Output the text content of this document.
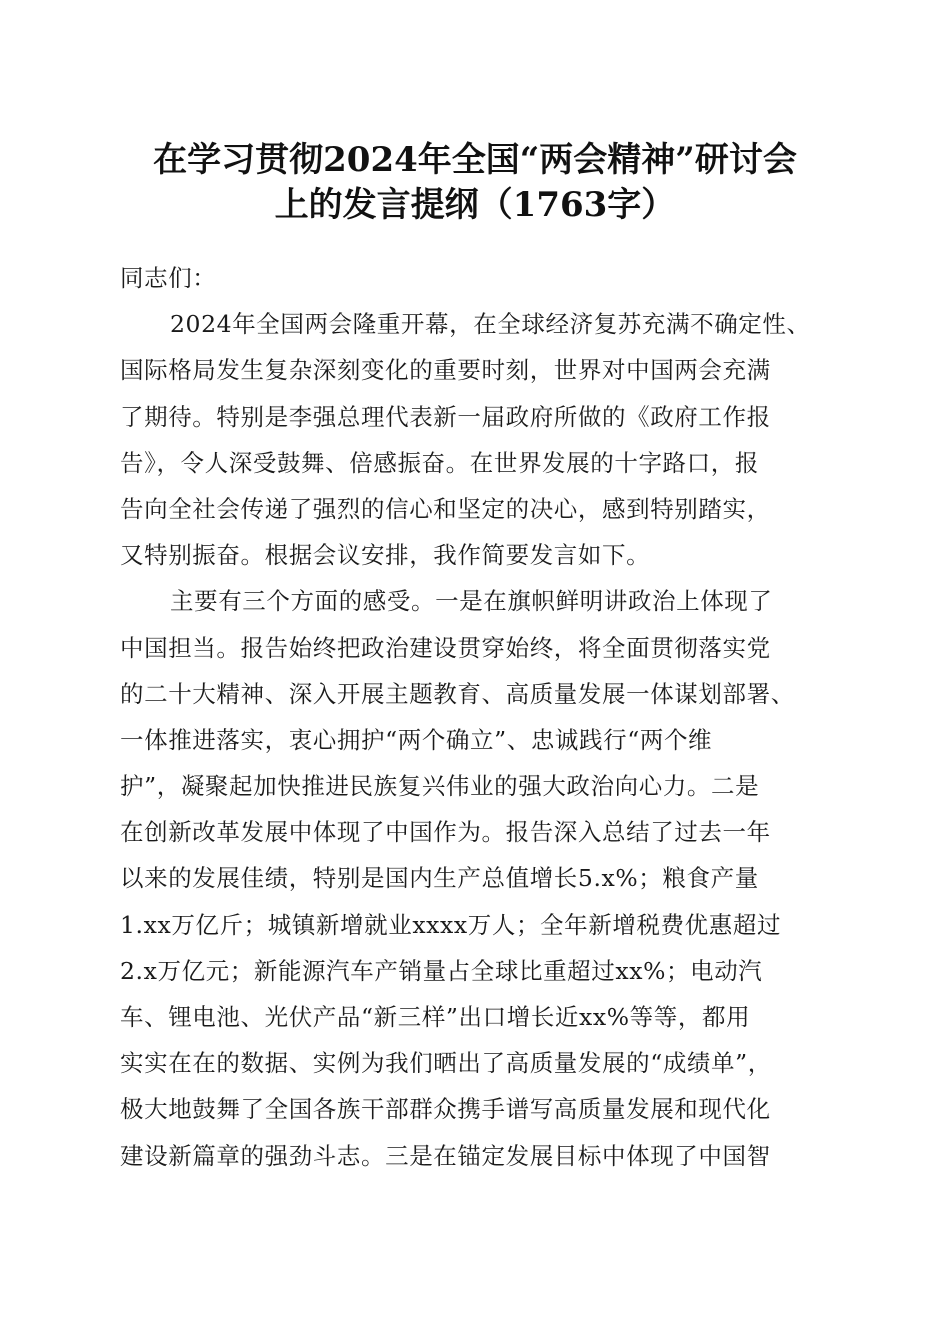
在学习贯彻2024年全国“两会精神”研讨会
上的发言提纲（1763字）
同志们：
2024年全国两会隆重开幕，在全球经济复苏充满不确定性、
国际格局发生复杂深刻变化的重要时刻，世界对中国两会充满
了期待。特别是李强总理代表新一届政府所做的《政府工作报
告》，令人深受鼓舞、倍感振奋。在世界发展的十字路口，报
告向全社会传递了强烈的信心和坚定的决心，感到特别踏实，
又特别振奋。根据会议安排，我作简要发言如下。
主要有三个方面的感受。一是在旗帜鲜明讲政治上体现了
中国担当。报告始终把政治建设贯穿始终，将全面贯彻落实党
的二十大精神、深入开展主题教育、高质量发展一体谋划部署、
一体推进落实，衷心拥护“两个确立”、忠诚践行“两个维
护”，凝聚起加快推进民族复兴伟业的强大政治向心力。二是
在创新改革发展中体现了中国作为。报告深入总结了过去一年
以来的发展佳绩，特别是国内生产总值增长5.x%；粮食产量
1.xx万亿斤；城镇新增就业xxxx万人；全年新增税费优惠超过
2.x万亿元；新能源汽车产销量占全球比重超过xx%；电动汽
车、锂电池、光伏产品“新三样”出口增长近xx%等等，都用
实实在在的数据、实例为我们晒出了高质量发展的“成绩单”，
极大地鼓舞了全国各族干部群众携手谱写高质量发展和现代化
建设新篇章的强劲斗志。三是在锚定发展目标中体现了中国智
